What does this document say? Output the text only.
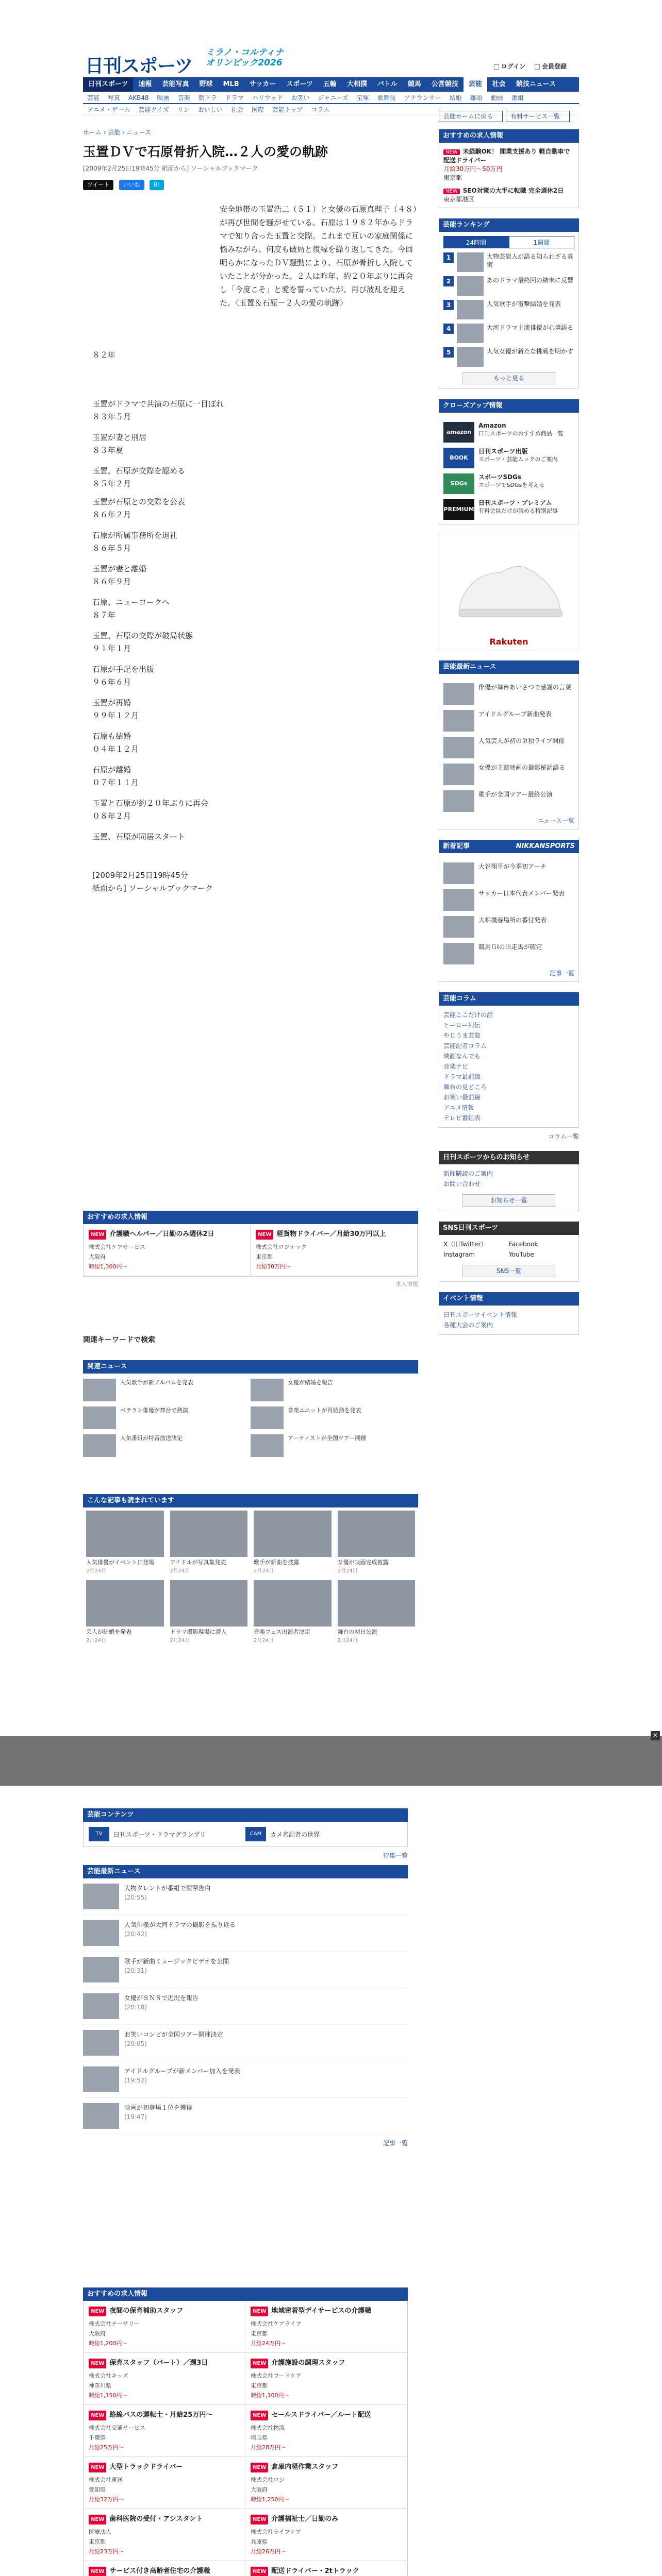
日刊スポーツ
ミラノ・コルティナ
オリンピック2026	ログイン	会員登録
日刊スポーツ	速報	芸能写真	野球	MLB	サッカー	スポーツ	五輪	大相撲	バトル	競馬	公営競技	芸能	社会	競技ニュース
芸能	写真	AKB48	映画	音楽	朝ドラ	ドラマ	ハリウッド	お笑い	ジャニーズ	宝塚	歌舞伎	アナウンサー	結婚	離婚	動画	番組
アニメ・ゲーム	芸能クイズ	リン	おいしい	社会	国際	芸能トップ	コラム
ホーム › 芸能 › ニュース
玉置ＤＶで石原骨折入院…２人の愛の軌跡
[2009年2月25日19時45分 紙面から] ソーシャルブックマーク
ツイート いいね B!
安全地帯の玉置浩二（５１）と女優の石原真理子（４８）が再び世間を騒がせている。石原は１９８２年からドラマで知り合った玉置と交際。これまで互いの家庭関係に悩みながら、何度も破局と復縁を繰り返してきた。今回明らかになったＤＶ騒動により、石原が骨折し入院していたことが分かった。２人は昨年、約２０年ぶりに再会し「今度こそ」と愛を誓っていたが、再び波乱を迎えた。〈玉置＆石原－２人の愛の軌跡〉
８２年
玉置がドラマで共演の石原に一目ぼれ
８３年５月
玉置が妻と別居
８３年夏
玉置、石原が交際を認める
８５年２月
玉置が石原との交際を公表
８６年２月
石原が所属事務所を退社
８６年５月
玉置が妻と離婚
８６年９月
石原、ニューヨークへ
８７年
玉置、石原の交際が破局状態
９１年１月
石原が手記を出版
９６年６月
玉置が再婚
９９年１２月
石原も結婚
０４年１２月
石原が離婚
０７年１１月
玉置と石原が約２０年ぶりに再会
０８年２月
玉置、石原が同居スタート
[2009年2月25日19時45分
紙面から] ソーシャルブックマーク
芸能ホームに戻る	有料サービス一覧
おすすめの求人情報
NEW 未経験OK！ 開業支援あり 軽自動車で配送ドライバー
月給30万円～50万円
東京都
NEW SEO対策の大手に転職 完全週休2日
東京都港区
芸能ランキング
24時間	1週間
1	大物芸能人が語る知られざる真実
2	あのドラマ最終回の結末に反響
3	人気歌手が電撃結婚を発表
4	大河ドラマ主演俳優が心境語る
5	人気女優が新たな挑戦を明かす
もっと見る
クローズアップ情報
amazon
Amazon
日刊スポーツのおすすめ商品一覧
BOOK
日刊スポーツ出版
スポーツ・芸能ムックのご案内
SDGs
スポーツSDGs
スポーツでSDGsを考える
PREMIUM
日刊スポーツ・プレミアム
有料会員だけが読める特別記事
Rakuten
芸能最新ニュース
俳優が舞台あいさつで感謝の言葉
アイドルグループ新曲発表
人気芸人が初の単独ライブ開催
女優が主演映画の撮影秘話語る
歌手が全国ツアー最終公演
ニュース一覧
新着記事	NIKKANSPORTS
大谷翔平が今季初アーチ
サッカー日本代表メンバー発表
大相撲春場所の番付発表
競馬ＧⅠの出走馬が確定
記事一覧
芸能コラム
芸能ここだけの話
ヒーロー列伝
やじうま芸能
芸能記者コラム
映画なんでも
音楽ナビ
ドラマ最前線
舞台の見どころ
お笑い最前線
アニメ情報
テレビ番組表
コラム一覧
日刊スポーツからのお知らせ
新聞購読のご案内
お問い合わせ
お知らせ一覧
SNS日刊スポーツ
X（旧Twitter）	Facebook
Instagram	YouTube
SNS一覧
イベント情報
日刊スポーツイベント情報
各種大会のご案内
おすすめの求人情報
NEW 介護職ヘルパー／日勤のみ週休2日
株式会社ケアサービス
大阪府
時給1,300円～
NEW 軽貨物ドライバー／月給30万円以上
株式会社ロジテック
東京都
月給30万円～
求人情報
関連キーワードで検索
関連ニュース
人気歌手が新アルバムを発表	女優が結婚を報告
ベテラン俳優が舞台で熱演	音楽ユニットが再始動を発表
人気番組が特番放送決定	アーティストが全国ツアー開催
こんな記事も読まれています
人気俳優がイベントに登場
2月24日
アイドルが写真集発売
2月24日
歌手が新曲を披露
2月24日
女優が映画完成披露
2月24日
芸人が結婚を発表
2月24日
ドラマ撮影現場に潜入
2月24日
音楽フェス出演者決定
2月24日
舞台の初日公演
2月24日
×
芸能コンテンツ
TV	日刊スポーツ・ドラマグランプリ	CAM	カメ名記者の世界
特集一覧
芸能最新ニュース
大物タレントが番組で衝撃告白
(20:55)
人気俳優が大河ドラマの撮影を振り返る
(20:42)
歌手が新曲ミュージックビデオを公開
(20:31)
女優がＳＮＳで近況を報告
(20:18)
お笑いコンビが全国ツアー開催決定
(20:05)
アイドルグループが新メンバー加入を発表
(19:52)
映画が初登場１位を獲得
(19:47)
記事一覧
おすすめの求人情報
NEW 夜間の保育補助スタッフ
株式会社ナーサリー
大阪府
時給1,200円～
NEW 地域密着型デイサービスの介護職
株式会社ケアライフ
東京都
月給24万円～
NEW 保育スタッフ（パート）／週3日
株式会社キッズ
神奈川県
時給1,150円～
NEW 介護施設の調理スタッフ
株式会社フードケア
東京都
時給1,100円～
NEW 路線バスの運転士・月給25万円～
株式会社交通サービス
千葉県
月給25万円～
NEW セールスドライバー／ルート配送
株式会社物流
埼玉県
月給28万円～
NEW 大型トラックドライバー
株式会社運送
愛知県
月給32万円～
NEW 倉庫内軽作業スタッフ
株式会社ロジ
大阪府
時給1,250円～
NEW 歯科医院の受付・アシスタント
医療法人
東京都
月給23万円～
NEW 介護福祉士／日勤のみ
株式会社ライフケア
兵庫県
月給26万円～
NEW サービス付き高齢者住宅の介護職	NEW 配送ドライバー・2tトラック
